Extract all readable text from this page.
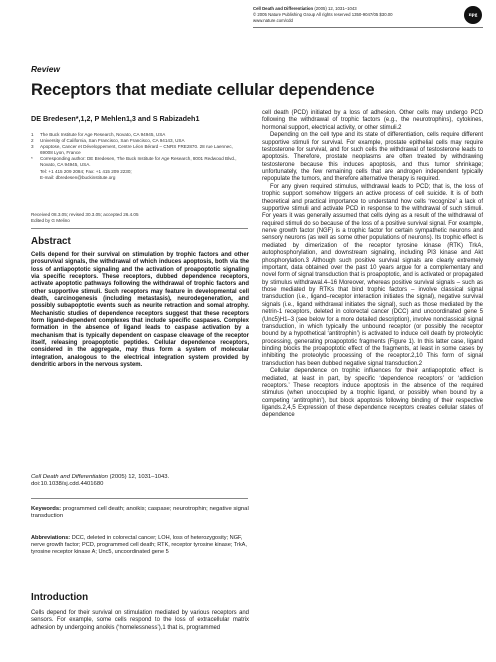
Cell Death and Differentiation (2005) 12, 1031–1043
© 2005 Nature Publishing Group All rights reserved 1350-9047/05 $30.00
www.nature.com/cdd
npg
Review
Receptors that mediate cellular dependence
DE Bredesen*,1,2, P Mehlen1,3 and S Rabizadeh1
1	The Buck Institute for Age Research, Novato, CA 94945, USA
2	University of California, San Francisco, San Francisco, CA 94143, USA
3	Apoptose, Cancer et Développement, Centre Léon Bérard – CNRS FRE2870. 28 rue Laennec, 69008 Lyon, France
*	Corresponding author: DE Bredesen, The Buck Institute for Age Research, 8001 Redwood Blvd., Novato, CA 94945, USA.
Tel: +1 415 209 2084; Fax: +1 415 209 2230;
E-mail: dbredesen@buckinstitute.org
Received 08.3.05; revised 30.3.05; accepted 26.4.05
Edited by G Melino
Abstract
Cells depend for their survival on stimulation by trophic factors and other prosurvival signals, the withdrawal of which induces apoptosis, both via the loss of antiapoptotic signaling and the activation of proapoptotic signaling via specific receptors. These receptors, dubbed dependence receptors, activate apoptotic pathways following the withdrawal of trophic factors and other supportive stimuli. Such receptors may feature in developmental cell death, carcinogenesis (including metastasis), neurodegeneration, and possibly subapoptotic events such as neurite retraction and somal atrophy. Mechanistic studies of dependence receptors suggest that these receptors form ligand-dependent complexes that include specific caspases. Complex formation in the absence of ligand leads to caspase activation by a mechanism that is typically dependent on caspase cleavage of the receptor itself, releasing proapoptotic peptides. Cellular dependence receptors, considered in the aggregate, may thus form a system of molecular integration, analogous to the electrical integration system provided by dendritic arbors in the nervous system.
Cell Death and Differentiation (2005) 12, 1031–1043.
doi:10.1038/sj.cdd.4401680
Keywords: programmed cell death; anoikis; caspase; neurotrophin; negative signal transduction
Abbreviations: DCC, deleted in colorectal cancer; LOH, loss of heterozygosity; NGF, nerve growth factor; PCD, programmed cell death; RTK, receptor tyrosine kinase; TrkA, tyrosine receptor kinase A; Unc5, uncoordinated gene 5
Introduction
Cells depend for their survival on stimulation mediated by various receptors and sensors. For example, some cells respond to the loss of extracellular matrix adhesion by undergoing anoikis (‘homelessness’),1 that is, programmed

cell death (PCD) initiated by a loss of adhesion. Other cells may undergo PCD following the withdrawal of trophic factors (e.g., the neurotrophins), cytokines, hormonal support, electrical activity, or other stimuli.2

Depending on the cell type and its state of differentiation, cells require different supportive stimuli for survival. For example, prostate epithelial cells may require testosterone for survival, and for such cells the withdrawal of testosterone leads to apoptosis. Therefore, prostate neoplasms are often treated by withdrawing testosterone because this induces apoptosis, and thus tumor shrinkage; unfortunately, the few remaining cells that are androgen independent typically repopulate the tumors, and therefore alternative therapy is required.

For any given required stimulus, withdrawal leads to PCD; that is, the loss of trophic support somehow triggers an active process of cell suicide. It is of both theoretical and practical importance to understand how cells ‘recognize’ a lack of supportive stimuli and activate PCD in response to the withdrawal of such stimuli. For years it was generally assumed that cells dying as a result of the withdrawal of required stimuli do so because of the loss of a positive survival signal. For example, nerve growth factor (NGF) is a trophic factor for certain sympathetic neurons and sensory neurons (as well as some other populations of neurons). Its trophic effect is mediated by dimerization of the receptor tyrosine kinase (RTK) TrkA, autophosphorylation, and downstream signaling, including PI3 kinase and Akt phosphorylation.3 Although such positive survival signals are clearly extremely important, data obtained over the past 10 years argue for a complementary and novel form of signal transduction that is proapoptotic, and is activated or propagated by stimulus withdrawal.4–16 Moreover, whereas positive survival signals – such as those mediated by RTKs that bind trophic factors – involve classical signal transduction (i.e., ligand–receptor interaction initiates the signal), negative survival signals (i.e., ligand withdrawal initiates the signal), such as those mediated by the netrin-1 receptors, deleted in colorectal cancer (DCC) and uncoordinated gene 5 (Unc5)H1–3 (see below for a more detailed description), involve nonclassical signal transduction, in which typically the unbound receptor (or possibly the receptor bound by a hypothetical ‘antitrophin’) is activated to induce cell death by proteolytic processing, generating proapoptotic fragments (Figure 1). In this latter case, ligand binding blocks the proapoptotic effect of the fragments, at least in some cases by inhibiting the proteolytic processing of the receptor.2,10 This form of signal transduction has been dubbed negative signal transduction.2

Cellular dependence on trophic influences for their antiapoptotic effect is mediated, at least in part, by specific ‘dependence receptors’ or ‘addiction receptors.’ These receptors induce apoptosis in the absence of the required stimulus (when unoccupied by a trophic ligand, or possibly when bound by a competing ‘antitrophin’), but block apoptosis following binding of their respective ligands.2,4,5 Expression of these dependence receptors creates cellular states of dependence
